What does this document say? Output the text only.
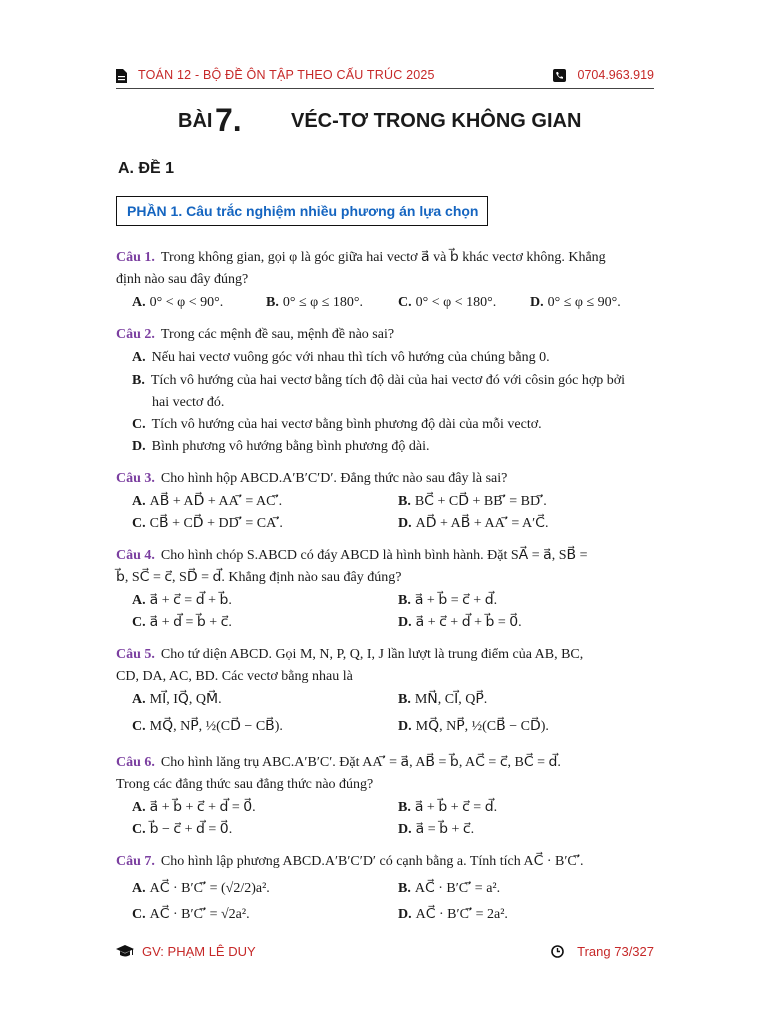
TOÁN 12 - BỘ ĐỀ ÔN TẬP THEO CẤU TRÚC 2025	0704.963.919
BÀI 7. VÉC-TƠ TRONG KHÔNG GIAN
A. ĐỀ 1
PHẦN 1. Câu trắc nghiệm nhiều phương án lựa chọn
Câu 1. Trong không gian, gọi φ là góc giữa hai vectơ a⃗ và b⃗ khác vectơ không. Khẳng
định nào sau đây đúng?
A. 0° < φ < 90°.	B. 0° ≤ φ ≤ 180°.	C. 0° < φ < 180°. D. 0° ≤ φ ≤ 90°.
Câu 2. Trong các mệnh đề sau, mệnh đề nào sai?
A. Nếu hai vectơ vuông góc với nhau thì tích vô hướng của chúng bằng 0.
B. Tích vô hướng của hai vectơ bằng tích độ dài của hai vectơ đó với côsin góc hợp bởi
hai vectơ đó.
C. Tích vô hướng của hai vectơ bằng bình phương độ dài của mỗi vectơ.
D. Bình phương vô hướng bằng bình phương độ dài.
Câu 3. Cho hình hộp ABCD.A′B′C′D′. Đẳng thức nào sau đây là sai?
A. AB⃗ + AD⃗ + AA′⃗ = AC′⃗.	B. BC⃗ + CD⃗ + BB′⃗ = BD′⃗.
C. CB⃗ + CD⃗ + DD′⃗ = CA′⃗.	D. AD⃗ + AB⃗ + AA′⃗ = A′C⃗.
Câu 4. Cho hình chóp S.ABCD có đáy ABCD là hình bình hành. Đặt SA⃗ = a⃗, SB⃗ =
b⃗, SC⃗ = c⃗, SD⃗ = d⃗. Khẳng định nào sau đây đúng?
A. a⃗ + c⃗ = d⃗ + b⃗.	B. a⃗ + b⃗ = c⃗ + d⃗.
C. a⃗ + d⃗ = b⃗ + c⃗.	D. a⃗ + c⃗ + d⃗ + b⃗ = 0⃗.
Câu 5. Cho tứ diện ABCD. Gọi M, N, P, Q, I, J lần lượt là trung điểm của AB, BC,
CD, DA, AC, BD. Các vectơ bằng nhau là
A. MI⃗, IQ⃗, QM⃗.	B. MN⃗, CI⃗, QP⃗.
C. MQ⃗, NP⃗, ½(CD⃗ − CB⃗).	D. MQ⃗, NP⃗, ½(CB⃗ − CD⃗).
Câu 6. Cho hình lăng trụ ABC.A′B′C′. Đặt AA′⃗ = a⃗, AB⃗ = b⃗, AC⃗ = c⃗, BC⃗ = d⃗.
Trong các đẳng thức sau đẳng thức nào đúng?
A. a⃗ + b⃗ + c⃗ + d⃗ = 0⃗.	B. a⃗ + b⃗ + c⃗ = d⃗.
C. b⃗ − c⃗ + d⃗ = 0⃗.	D. a⃗ = b⃗ + c⃗.
Câu 7. Cho hình lập phương ABCD.A′B′C′D′ có cạnh bằng a. Tính tích AC⃗ · B′C′⃗.
A. AC⃗ · B′C′⃗ = (√2/2)a².	B. AC⃗ · B′C′⃗ = a².
C. AC⃗ · B′C′⃗ = √2a².	D. AC⃗ · B′C′⃗ = 2a².
GV: PHẠM LÊ DUY	Trang 73/327
